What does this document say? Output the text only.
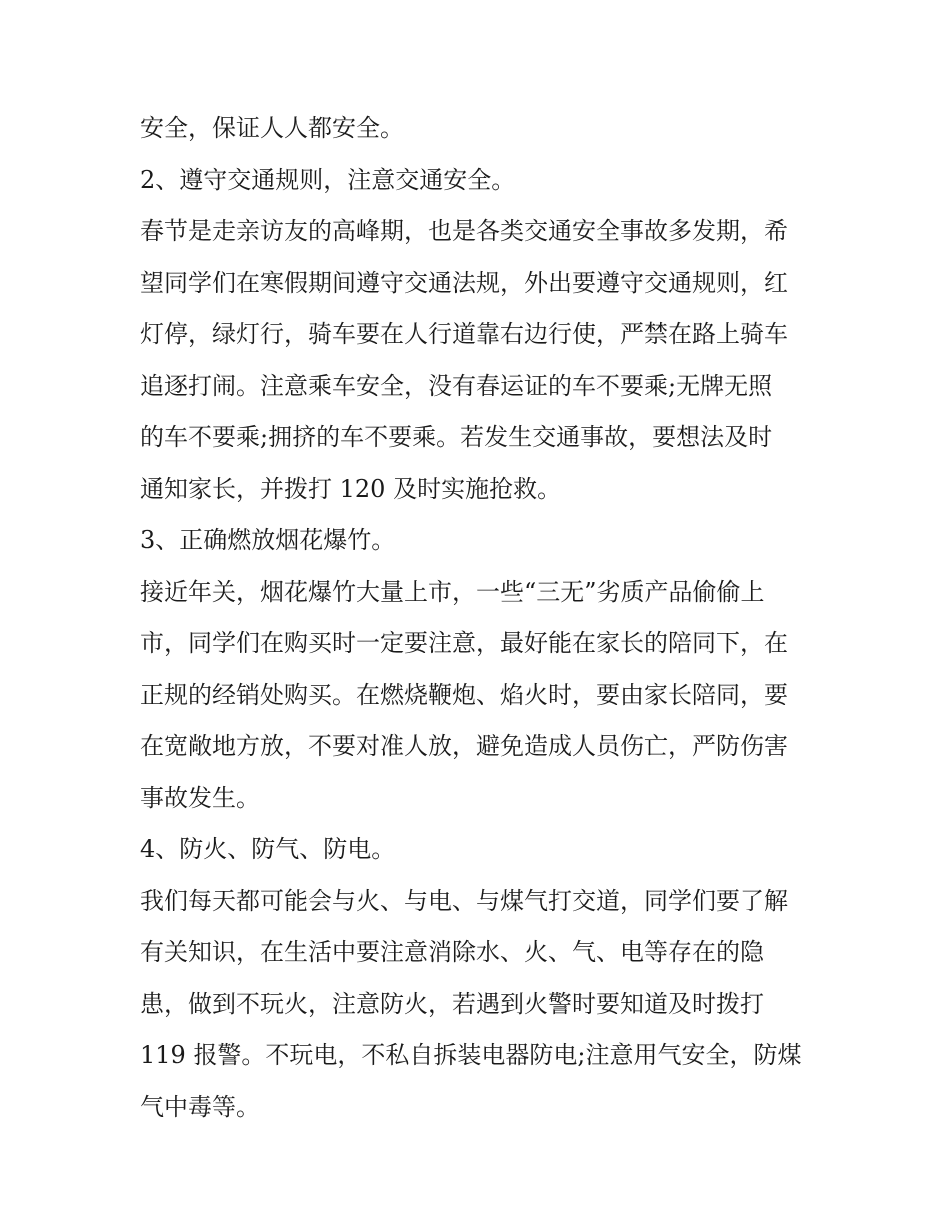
安全，保证人人都安全。
2、遵守交通规则，注意交通安全。
春节是走亲访友的高峰期，也是各类交通安全事故多发期，希
望同学们在寒假期间遵守交通法规，外出要遵守交通规则，红
灯停，绿灯行，骑车要在人行道靠右边行使，严禁在路上骑车
追逐打闹。注意乘车安全，没有春运证的车不要乘;无牌无照
的车不要乘;拥挤的车不要乘。若发生交通事故，要想法及时
通知家长，并拨打 120 及时实施抢救。
3、正确燃放烟花爆竹。
接近年关，烟花爆竹大量上市，一些“三无”劣质产品偷偷上
市，同学们在购买时一定要注意，最好能在家长的陪同下，在
正规的经销处购买。在燃烧鞭炮、焰火时，要由家长陪同，要
在宽敞地方放，不要对准人放，避免造成人员伤亡，严防伤害
事故发生。
4、防火、防气、防电。
我们每天都可能会与火、与电、与煤气打交道，同学们要了解
有关知识，在生活中要注意消除水、火、气、电等存在的隐
患，做到不玩火，注意防火，若遇到火警时要知道及时拨打
119 报警。不玩电，不私自拆装电器防电;注意用气安全，防煤
气中毒等。
